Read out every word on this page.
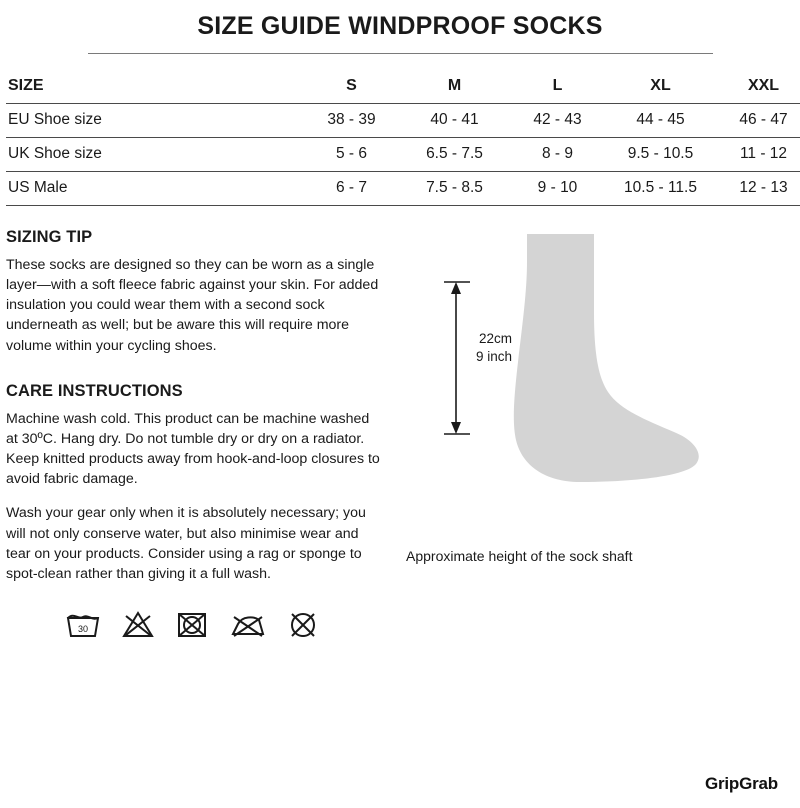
SIZE GUIDE WINDPROOF SOCKS
SIZE	S	M	L	XL	XXL
EU Shoe size	38 - 39	40 - 41	42 - 43	44 - 45	46 - 47
UK Shoe size	5 - 6	6.5 - 7.5	8 - 9	9.5 - 10.5	11 - 12
US Male	6 - 7	7.5 - 8.5	9 - 10	10.5 - 11.5	12 - 13
SIZING TIP

These socks are designed so they can be worn as a single layer—with a soft fleece fabric against your skin. For added insulation you could wear them with a second sock underneath as well; but be aware this will require more volume within your cycling shoes.

CARE INSTRUCTIONS

Machine wash cold. This product can be machine washed at 30ºC. Hang dry. Do not tumble dry or dry on a radiator. Keep knitted products away from hook-and-loop closures to avoid fabric damage.

Wash your gear only when it is absolutely necessary; you will not only conserve water, but also minimise wear and tear on your products. Consider using a rag or sponge to spot-clean rather than giving it a full wash.

30
22cm
9 inch
Approximate height of the sock shaft
GripGrab
